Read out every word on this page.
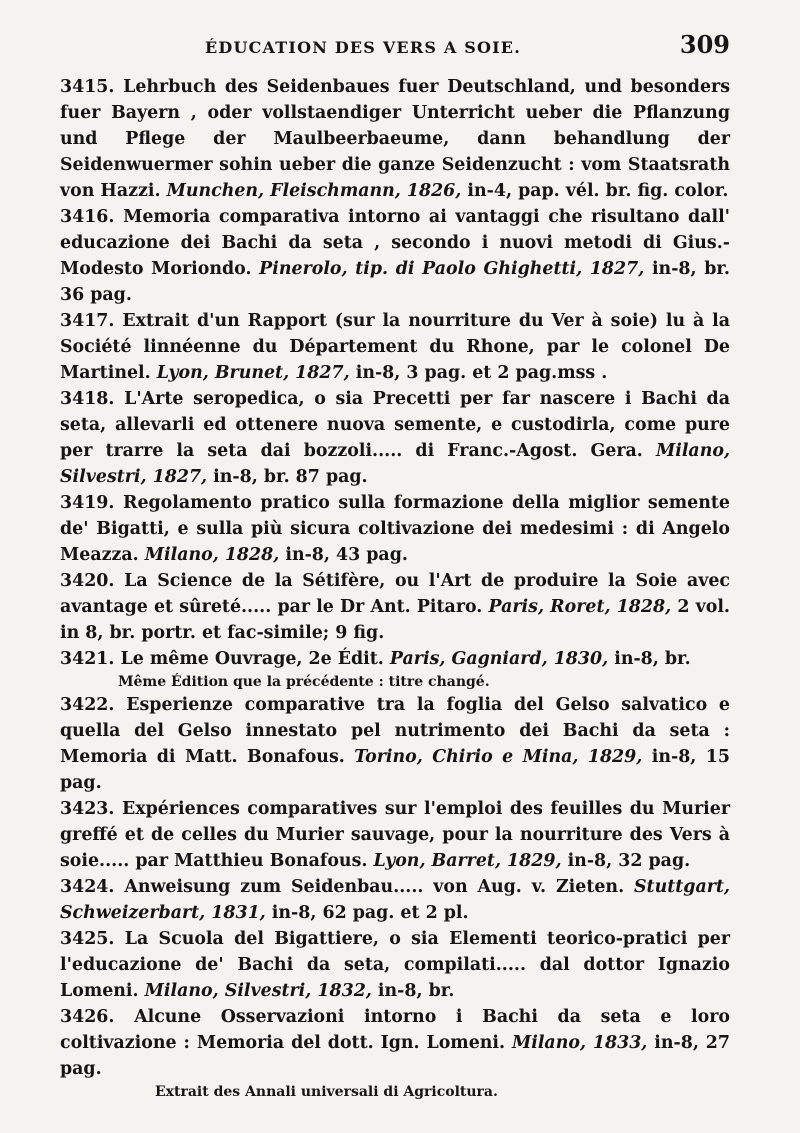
ÉDUCATION DES VERS A SOIE.	309
3415. Lehrbuch des Seidenbaues fuer Deutschland, und besonders fuer Bayern , oder vollstaendiger Unterricht ueber die Pflanzung und Pflege der Maulbeerbaeume, dann behandlung der Seidenwuermer sohin ueber die ganze Seidenzucht : vom Staatsrath von Hazzi. Munchen, Fleischmann, 1826, in-4, pap. vél. br. fig. color.
3416. Memoria comparativa intorno ai vantaggi che risultano dall' educazione dei Bachi da seta , secondo i nuovi metodi di Gius.-Modesto Moriondo. Pinerolo, tip. di Paolo Ghighetti, 1827, in-8, br. 36 pag.
3417. Extrait d'un Rapport (sur la nourriture du Ver à soie) lu à la Société linnéenne du Département du Rhone, par le colonel De Martinel. Lyon, Brunet, 1827, in-8, 3 pag. et 2 pag.mss .
3418. L'Arte seropedica, o sia Precetti per far nascere i Bachi da seta, allevarli ed ottenere nuova semente, e custodirla, come pure per trarre la seta dai bozzoli..... di Franc.-Agost. Gera. Milano, Silvestri, 1827, in-8, br. 87 pag.
3419. Regolamento pratico sulla formazione della miglior semente de' Bigatti, e sulla più sicura coltivazione dei medesimi : di Angelo Meazza. Milano, 1828, in-8, 43 pag.
3420. La Science de la Sétifère, ou l'Art de produire la Soie avec avantage et sûreté..... par le Dr Ant. Pitaro. Paris, Roret, 1828, 2 vol. in 8, br. portr. et fac-simile; 9 fig.
3421. Le même Ouvrage, 2e Édit. Paris, Gagniard, 1830, in-8, br.
Même Édition que la précédente : titre changé.
3422. Esperienze comparative tra la foglia del Gelso salvatico e quella del Gelso innestato pel nutrimento dei Bachi da seta : Memoria di Matt. Bonafous. Torino, Chirio e Mina, 1829, in-8, 15 pag.
3423. Expériences comparatives sur l'emploi des feuilles du Murier greffé et de celles du Murier sauvage, pour la nourriture des Vers à soie..... par Matthieu Bonafous. Lyon, Barret, 1829, in-8, 32 pag.
3424. Anweisung zum Seidenbau..... von Aug. v. Zieten. Stuttgart, Schweizerbart, 1831, in-8, 62 pag. et 2 pl.
3425. La Scuola del Bigattiere, o sia Elementi teorico-pratici per l'educazione de' Bachi da seta, compilati..... dal dottor Ignazio Lomeni. Milano, Silvestri, 1832, in-8, br.
3426. Alcune Osservazioni intorno i Bachi da seta e loro coltivazione : Memoria del dott. Ign. Lomeni. Milano, 1833, in-8, 27 pag.
Extrait des Annali universali di Agricoltura.
